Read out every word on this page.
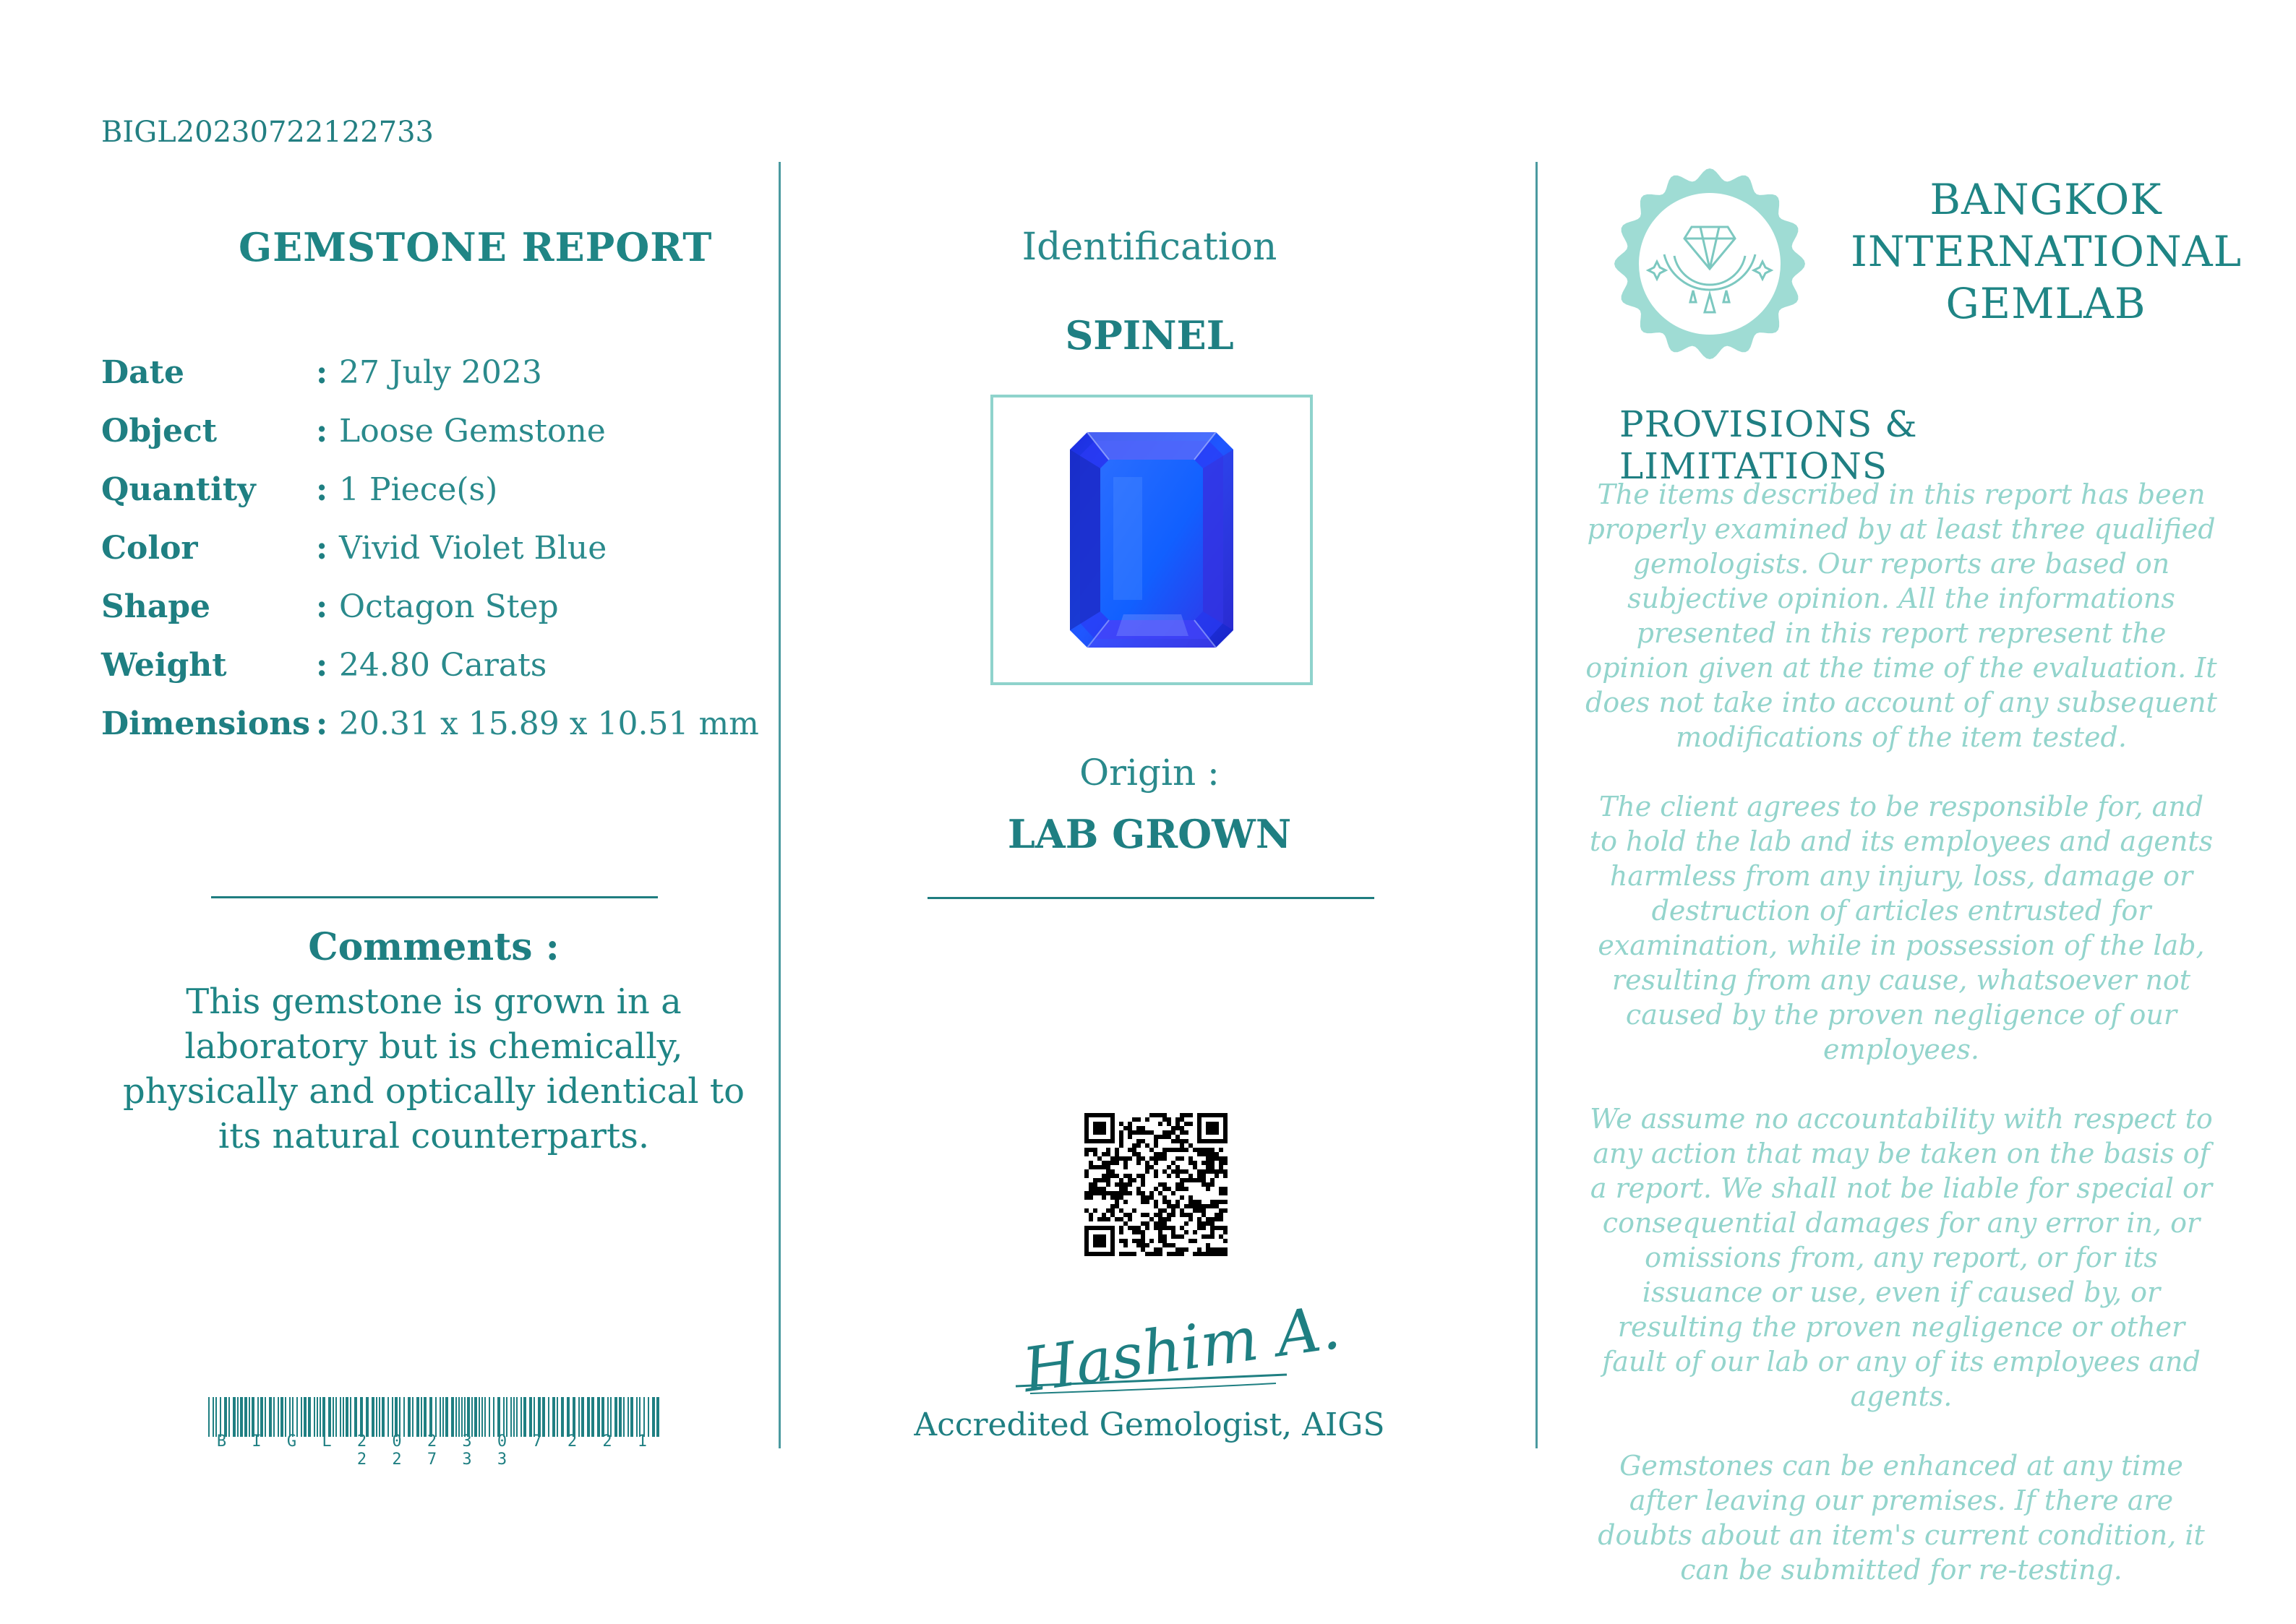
BIGL20230722122733
GEMSTONE REPORT
Date	: 27 July 2023
Object	: Loose Gemstone
Quantity	: 1 Piece(s)
Color	: Vivid Violet Blue
Shape	: Octagon Step
Weight	: 24.80 Carats
Dimensions : 20.31 x 15.89 x 10.51 mm
Comments :
This gemstone is grown in a laboratory but is chemically, physically and optically identical to its natural counterparts.
B I G L 2 0 2 3 0 7 2 2 1 2 2 7 3 3
Identification
SPINEL
Origin :
LAB GROWN
Hashim A.
Accredited Gemologist, AIGS
BANGKOK
INTERNATIONAL
GEMLAB
PROVISIONS & LIMITATIONS

The items described in this report has been properly examined by at least three qualified gemologists. Our reports are based on subjective opinion. All the informations presented in this report represent the opinion given at the time of the evaluation. It does not take into account of any subsequent modifications of the item tested.

The client agrees to be responsible for, and to hold the lab and its employees and agents harmless from any injury, loss, damage or destruction of articles entrusted for examination, while in possession of the lab, resulting from any cause, whatsoever not caused by the proven negligence of our employees.

We assume no accountability with respect to any action that may be taken on the basis of a report. We shall not be liable for special or consequential damages for any error in, or omissions from, any report, or for its issuance or use, even if caused by, or resulting the proven negligence or other fault of our lab or any of its employees and agents.

Gemstones can be enhanced at any time after leaving our premises. If there are doubts about an item's current condition, it can be submitted for re-testing.
